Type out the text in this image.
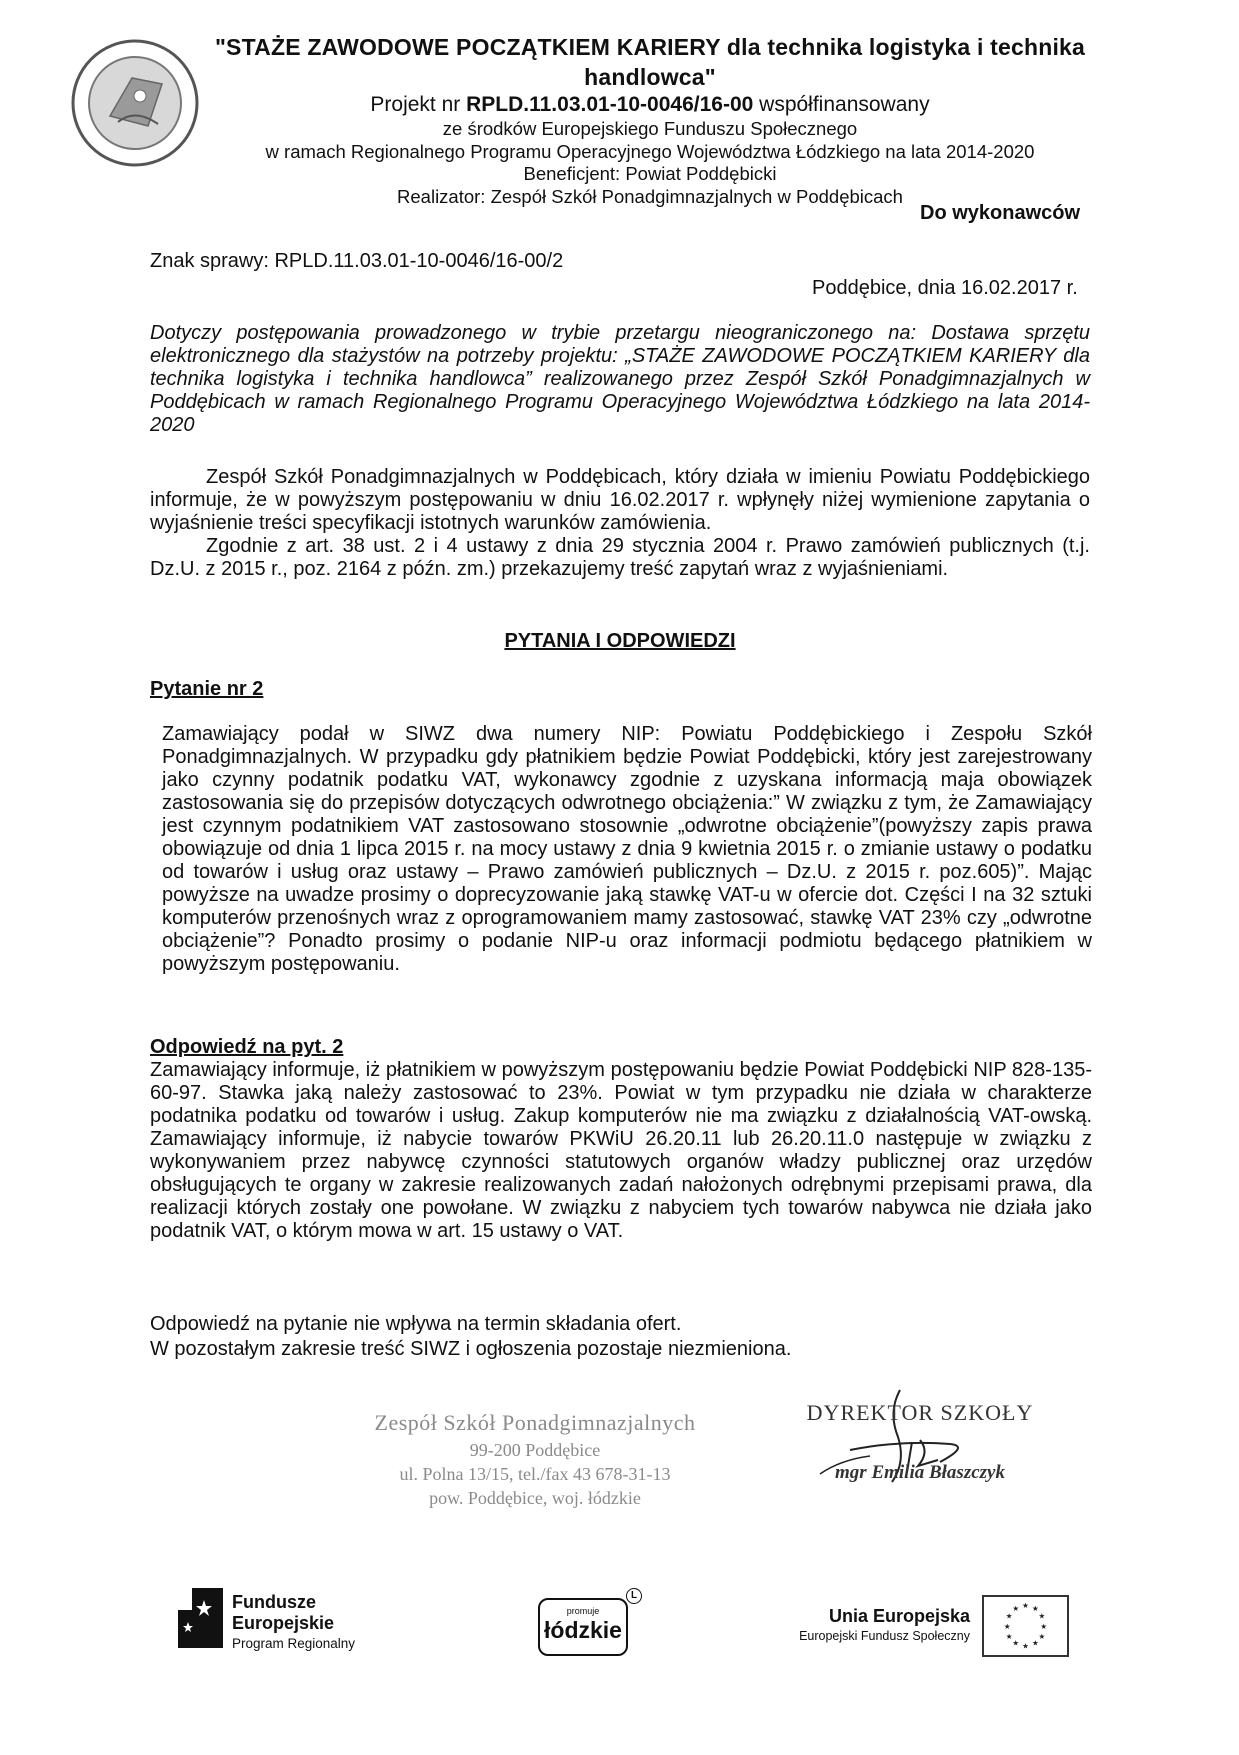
"STAŻE ZAWODOWE POCZĄTKIEM KARIERY dla technika logistyka i technika handlowca"
Projekt nr RPLD.11.03.01-10-0046/16-00 współfinansowany
ze środków Europejskiego Funduszu Społecznego
w ramach Regionalnego Programu Operacyjnego Województwa Łódzkiego na lata 2014-2020
Beneficjent: Powiat Poddębicki
Realizator: Zespół Szkół Ponadgimnazjalnych w Poddębicach
Do wykonawców
Znak sprawy: RPLD.11.03.01-10-0046/16-00/2
Poddębice, dnia 16.02.2017 r.
Dotyczy postępowania prowadzonego w trybie przetargu nieograniczonego na: Dostawa sprzętu elektronicznego dla stażystów na potrzeby projektu: „STAŻE ZAWODOWE POCZĄTKIEM KARIERY dla technika logistyka i technika handlowca” realizowanego przez Zespół Szkół Ponadgimnazjalnych w Poddębicach w ramach Regionalnego Programu Operacyjnego Województwa Łódzkiego na lata 2014-2020
Zespół Szkół Ponadgimnazjalnych w Poddębicach, który działa w imieniu Powiatu Poddębickiego informuje, że w powyższym postępowaniu w dniu 16.02.2017 r. wpłynęły niżej wymienione zapytania o wyjaśnienie treści specyfikacji istotnych warunków zamówienia.
Zgodnie z art. 38 ust. 2 i 4 ustawy z dnia 29 stycznia 2004 r. Prawo zamówień publicznych (t.j. Dz.U. z 2015 r., poz. 2164 z późn. zm.) przekazujemy treść zapytań wraz z wyjaśnieniami.
PYTANIA I ODPOWIEDZI
Pytanie nr 2
Zamawiający podał w SIWZ dwa numery NIP: Powiatu Poddębickiego i Zespołu Szkół Ponadgimnazjalnych. W przypadku gdy płatnikiem będzie Powiat Poddębicki, który jest zarejestrowany jako czynny podatnik podatku VAT, wykonawcy zgodnie z uzyskana informacją maja obowiązek zastosowania się do przepisów dotyczących odwrotnego obciążenia:” W związku z tym, że Zamawiający jest czynnym podatnikiem VAT zastosowano stosownie „odwrotne obciążenie”(powyższy zapis prawa obowiązuje od dnia 1 lipca 2015 r. na mocy ustawy z dnia 9 kwietnia 2015 r. o zmianie ustawy o podatku od towarów i usług oraz ustawy – Prawo zamówień publicznych – Dz.U. z 2015 r. poz.605)”. Mając powyższe na uwadze prosimy o doprecyzowanie jaką stawkę VAT-u w ofercie dot. Części I na 32 sztuki komputerów przenośnych wraz z oprogramowaniem mamy zastosować, stawkę VAT 23% czy „odwrotne obciążenie”? Ponadto prosimy o podanie NIP-u oraz informacji podmiotu będącego płatnikiem w powyższym postępowaniu.
Odpowiedź na pyt. 2
Zamawiający informuje, iż płatnikiem w powyższym postępowaniu będzie Powiat Poddębicki NIP 828-135-60-97. Stawka jaką należy zastosować to 23%. Powiat w tym przypadku nie działa w charakterze podatnika podatku od towarów i usług. Zakup komputerów nie ma związku z działalnością VAT-owską. Zamawiający informuje, iż nabycie towarów PKWiU 26.20.11 lub 26.20.11.0 następuje w związku z wykonywaniem przez nabywcę czynności statutowych organów władzy publicznej oraz urzędów obsługujących te organy w zakresie realizowanych zadań nałożonych odrębnymi przepisami prawa, dla realizacji których zostały one powołane. W związku z nabyciem tych towarów nabywca nie działa jako podatnik VAT, o którym mowa w art. 15 ustawy o VAT.
Odpowiedź na pytanie nie wpływa na termin składania ofert.
W pozostałym zakresie treść SIWZ i ogłoszenia pozostaje niezmieniona.
Zespół Szkół Ponadgimnazjalnych
99-200 Poddębice
ul. Polna 13/15, tel./fax 43 678-31-13
pow. Poddębice, woj. łódzkie
DYREKTOR SZKOŁY
mgr Emilia Błaszczyk
Fundusze
Europejskie
Program Regionalny
promuje
łódzkie
L
Unia Europejska
Europejski Fundusz Społeczny
★ ★
★
★
★
★
★
★
★
★
★
★
